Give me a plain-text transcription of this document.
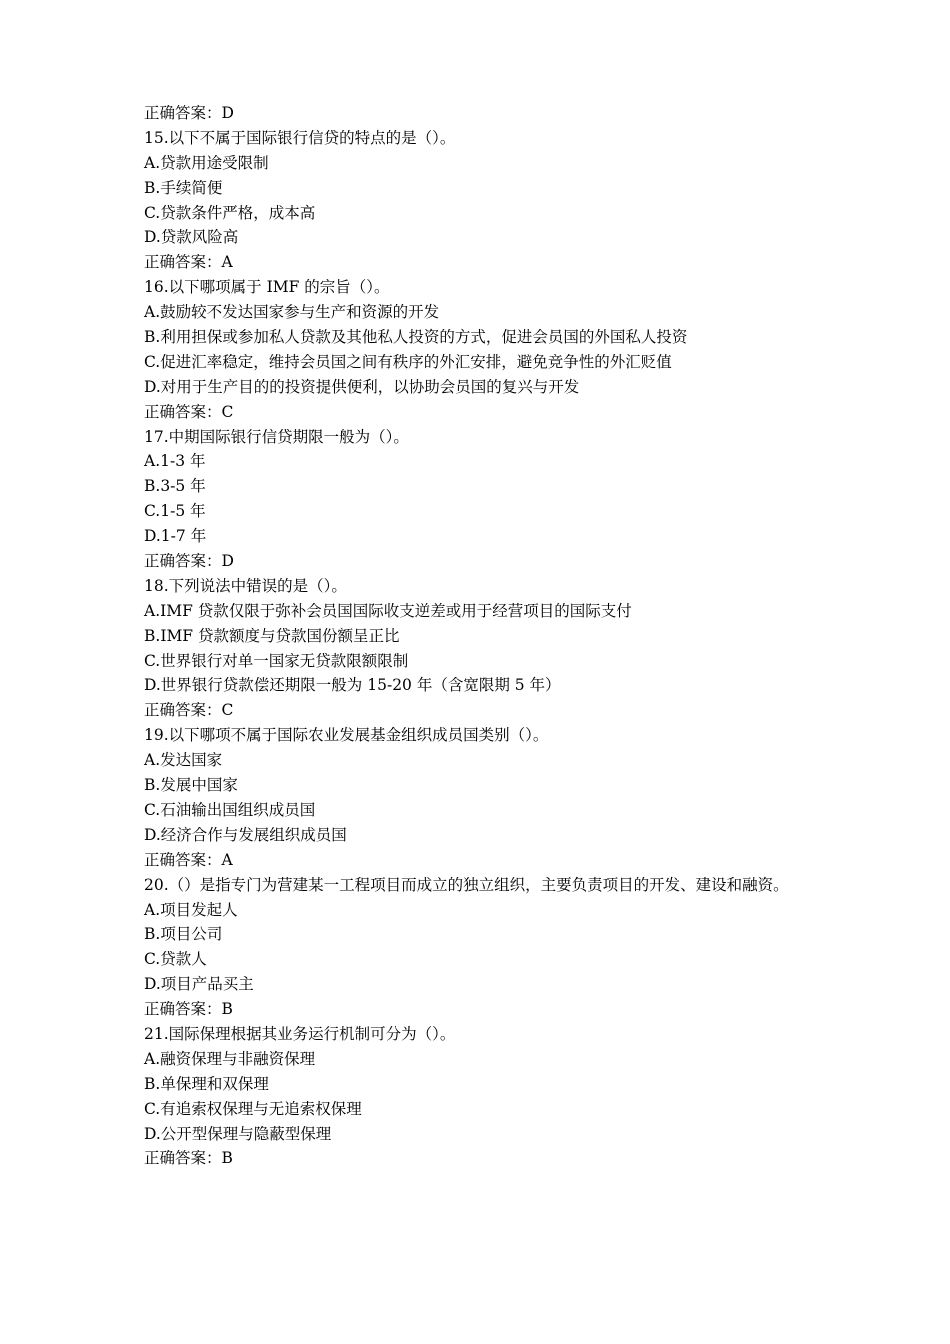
正确答案：D
15.以下不属于国际银行信贷的特点的是（）。
A.贷款用途受限制
B.手续简便
C.贷款条件严格，成本高
D.贷款风险高
正确答案：A
16.以下哪项属于 IMF 的宗旨（）。
A.鼓励较不发达国家参与生产和资源的开发
B.利用担保或参加私人贷款及其他私人投资的方式，促进会员国的外国私人投资
C.促进汇率稳定，维持会员国之间有秩序的外汇安排，避免竞争性的外汇贬值
D.对用于生产目的的投资提供便利，以协助会员国的复兴与开发
正确答案：C
17.中期国际银行信贷期限一般为（）。
A.1-3 年
B.3-5 年
C.1-5 年
D.1-7 年
正确答案：D
18.下列说法中错误的是（）。
A.IMF 贷款仅限于弥补会员国国际收支逆差或用于经营项目的国际支付
B.IMF 贷款额度与贷款国份额呈正比
C.世界银行对单一国家无贷款限额限制
D.世界银行贷款偿还期限一般为 15-20 年（含宽限期 5 年）
正确答案：C
19.以下哪项不属于国际农业发展基金组织成员国类别（）。
A.发达国家
B.发展中国家
C.石油输出国组织成员国
D.经济合作与发展组织成员国
正确答案：A
20.（）是指专门为营建某一工程项目而成立的独立组织，主要负责项目的开发、建设和融资。
A.项目发起人
B.项目公司
C.贷款人
D.项目产品买主
正确答案：B
21.国际保理根据其业务运行机制可分为（）。
A.融资保理与非融资保理
B.单保理和双保理
C.有追索权保理与无追索权保理
D.公开型保理与隐蔽型保理
正确答案：B
